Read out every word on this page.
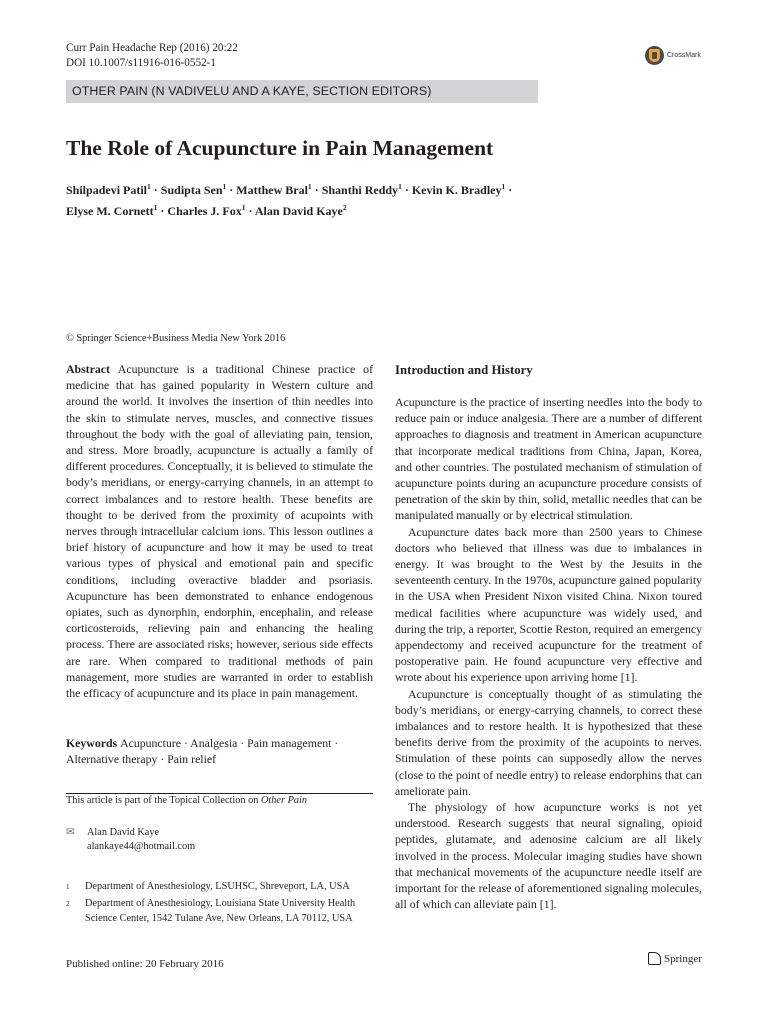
Curr Pain Headache Rep (2016) 20:22
DOI 10.1007/s11916-016-0552-1
CrossMark
OTHER PAIN (N VADIVELU AND A KAYE, SECTION EDITORS)
The Role of Acupuncture in Pain Management
Shilpadevi Patil$^1$ · Sudipta Sen$^1$ · Matthew Bral$^1$ · Shanthi Reddy$^1$ · Kevin K. Bradley$^1$ ·
Elyse M. Cornett$^1$ · Charles J. Fox$^1$ · Alan David Kaye$^2$
© Springer Science+Business Media New York 2016
Abstract Acupuncture is a traditional Chinese practice of medicine that has gained popularity in Western culture and around the world. It involves the insertion of thin needles into the skin to stimulate nerves, muscles, and connective tissues throughout the body with the goal of alleviating pain, tension, and stress. More broadly, acupuncture is actually a family of different procedures. Conceptually, it is believed to stimulate the body’s meridians, or energy-carrying channels, in an attempt to correct imbalances and to restore health. These benefits are thought to be derived from the proximity of acupoints with nerves through intracellular calcium ions. This lesson outlines a brief history of acupuncture and how it may be used to treat various types of physical and emotional pain and specific conditions, including overactive bladder and psoriasis. Acupuncture has been demonstrated to enhance endogenous opiates, such as dynorphin, endorphin, encephalin, and release corticosteroids, relieving pain and enhancing the healing process. There are associated risks; however, serious side effects are rare. When compared to traditional methods of pain management, more studies are warranted in order to establish the efficacy of acupuncture and its place in pain management.
Keywords Acupuncture · Analgesia · Pain management · Alternative therapy · Pain relief
This article is part of the Topical Collection on Other Pain
✉ Alan David Kaye
alankaye44@hotmail.com
1	Department of Anesthesiology, LSUHSC, Shreveport, LA, USA
2	Department of Anesthesiology, Louisiana State University Health Science Center, 1542 Tulane Ave, New Orleans, LA 70112, USA
Introduction and History

Acupuncture is the practice of inserting needles into the body to reduce pain or induce analgesia. There are a number of different approaches to diagnosis and treatment in American acupuncture that incorporate medical traditions from China, Japan, Korea, and other countries. The postulated mechanism of stimulation of acupuncture points during an acupuncture procedure consists of penetration of the skin by thin, solid, metallic needles that can be manipulated manually or by electrical stimulation.

Acupuncture dates back more than 2500 years to Chinese doctors who believed that illness was due to imbalances in energy. It was brought to the West by the Jesuits in the seventeenth century. In the 1970s, acupuncture gained popularity in the USA when President Nixon visited China. Nixon toured medical facilities where acupuncture was widely used, and during the trip, a reporter, Scottie Reston, required an emergency appendectomy and received acupuncture for the treatment of postoperative pain. He found acupuncture very effective and wrote about his experience upon arriving home [1].

Acupuncture is conceptually thought of as stimulating the body’s meridians, or energy-carrying channels, to correct these imbalances and to restore health. It is hypothesized that these benefits derive from the proximity of the acupoints to nerves. Stimulation of these points can supposedly allow the nerves (close to the point of needle entry) to release endorphins that can ameliorate pain.

The physiology of how acupuncture works is not yet understood. Research suggests that neural signaling, opioid peptides, glutamate, and adenosine calcium are all likely involved in the process. Molecular imaging studies have shown that mechanical movements of the acupuncture needle itself are important for the release of aforementioned signaling molecules, all of which can alleviate pain [1].

Published online: 20 February 2016	Springer
